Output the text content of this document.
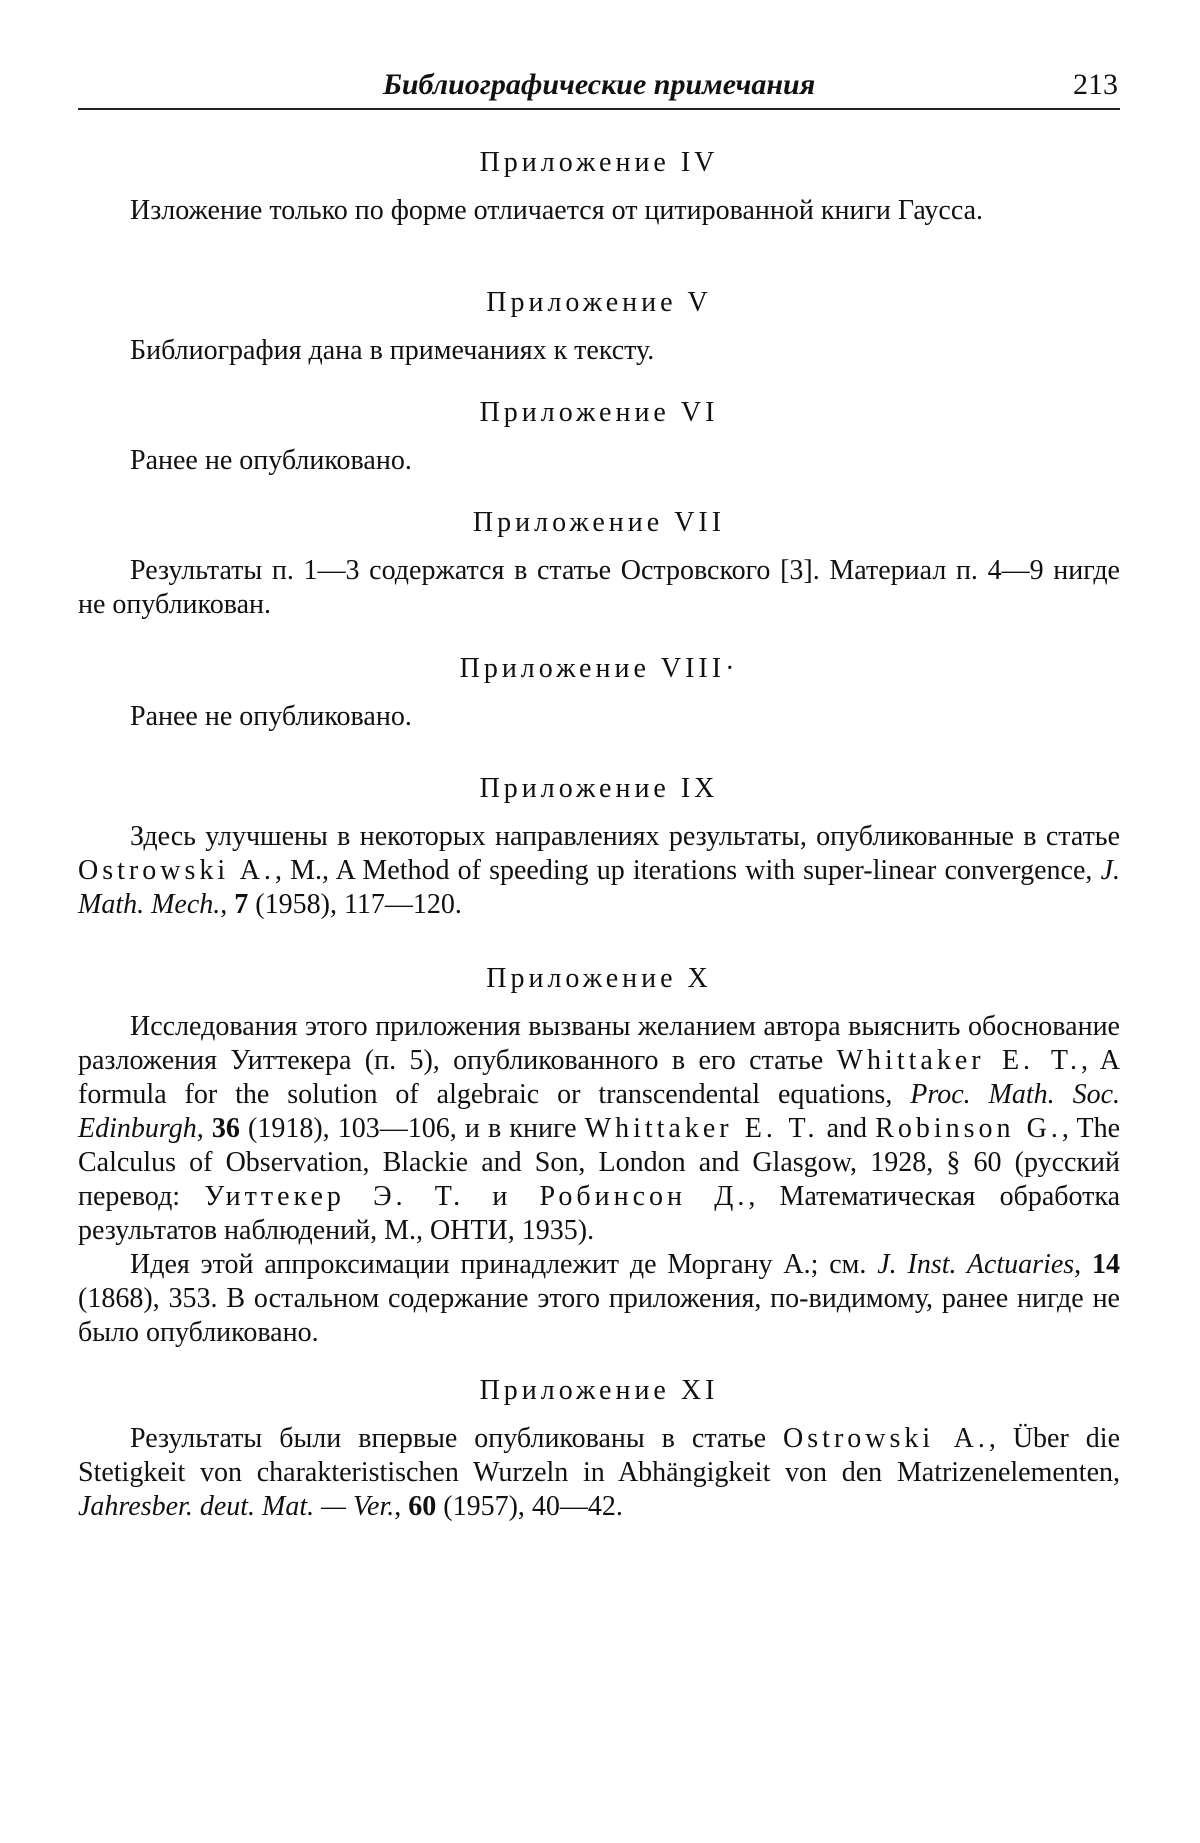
Библиографические примечания	213
Приложение IV

Изложение только по форме отличается от цитированной книги Гаусса.

Приложение V

Библиография дана в примечаниях к тексту.

Приложение VI

Ранее не опубликовано.

Приложение VII

Результаты п. 1—3 содержатся в статье Островского [3]. Материал п. 4—9 нигде не опубликован.

Приложение VIII·

Ранее не опубликовано.

Приложение IX

Здесь улучшены в некоторых направлениях результаты, опубликованные в статье Ostrowski A., M., A Method of speeding up iterations with super-linear convergence, J. Math. Mech., 7 (1958), 117—120.

Приложение X

Исследования этого приложения вызваны желанием автора выяснить обоснование разложения Уиттекера (п. 5), опубликованного в его статье Whittaker E. T., A formula for the solution of algebraic or transcendental equations, Proc. Math. Soc. Edinburgh, 36 (1918), 103—106, и в книге Whittaker E. T. and Robinson G., The Calculus of Observation, Blackie and Son, London and Glasgow, 1928, § 60 (русский перевод: Уиттекер Э. Т. и Робинсон Д., Математическая обработка результатов наблюдений, М., ОНТИ, 1935).

Идея этой аппроксимации принадлежит де Моргану А.; см. J. Inst. Actuaries, 14 (1868), 353. В остальном содержание этого приложения, по-видимому, ранее нигде не было опубликовано.

Приложение XI

Результаты были впервые опубликованы в статье Ostrowski A., Über die Stetigkeit von charakteristischen Wurzeln in Abhängigkeit von den Matrizenelementen, Jahresber. deut. Mat. — Ver., 60 (1957), 40—42.
